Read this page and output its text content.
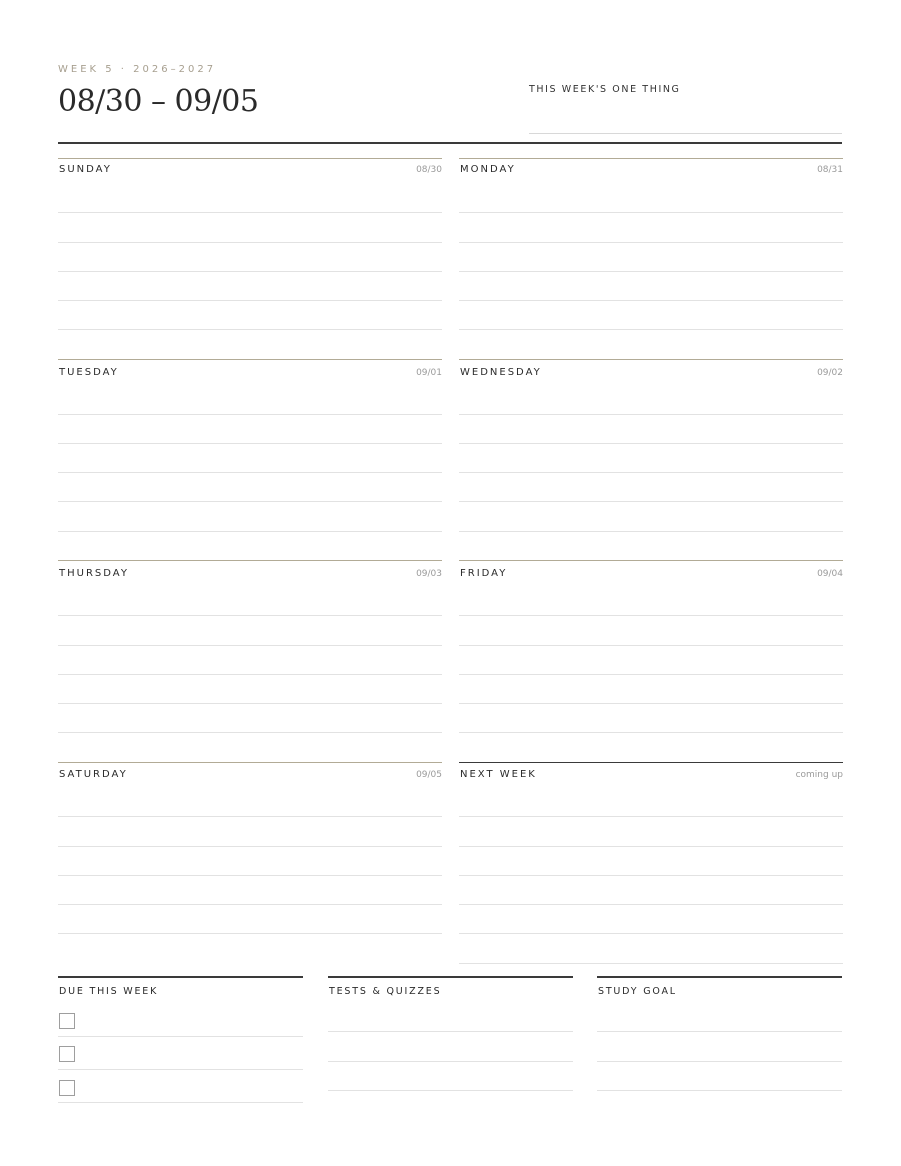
WEEK 5 · 2026–2027
08/30 – 09/05	THIS WEEK'S ONE THING
SUNDAY	08/30 MONDAY	08/31
TUESDAY	09/01 WEDNESDAY	09/02
THURSDAY	09/03 FRIDAY	09/04
SATURDAY	09/05 NEXT WEEK	coming up
DUE THIS WEEK	TESTS & QUIZZES	STUDY GOAL
